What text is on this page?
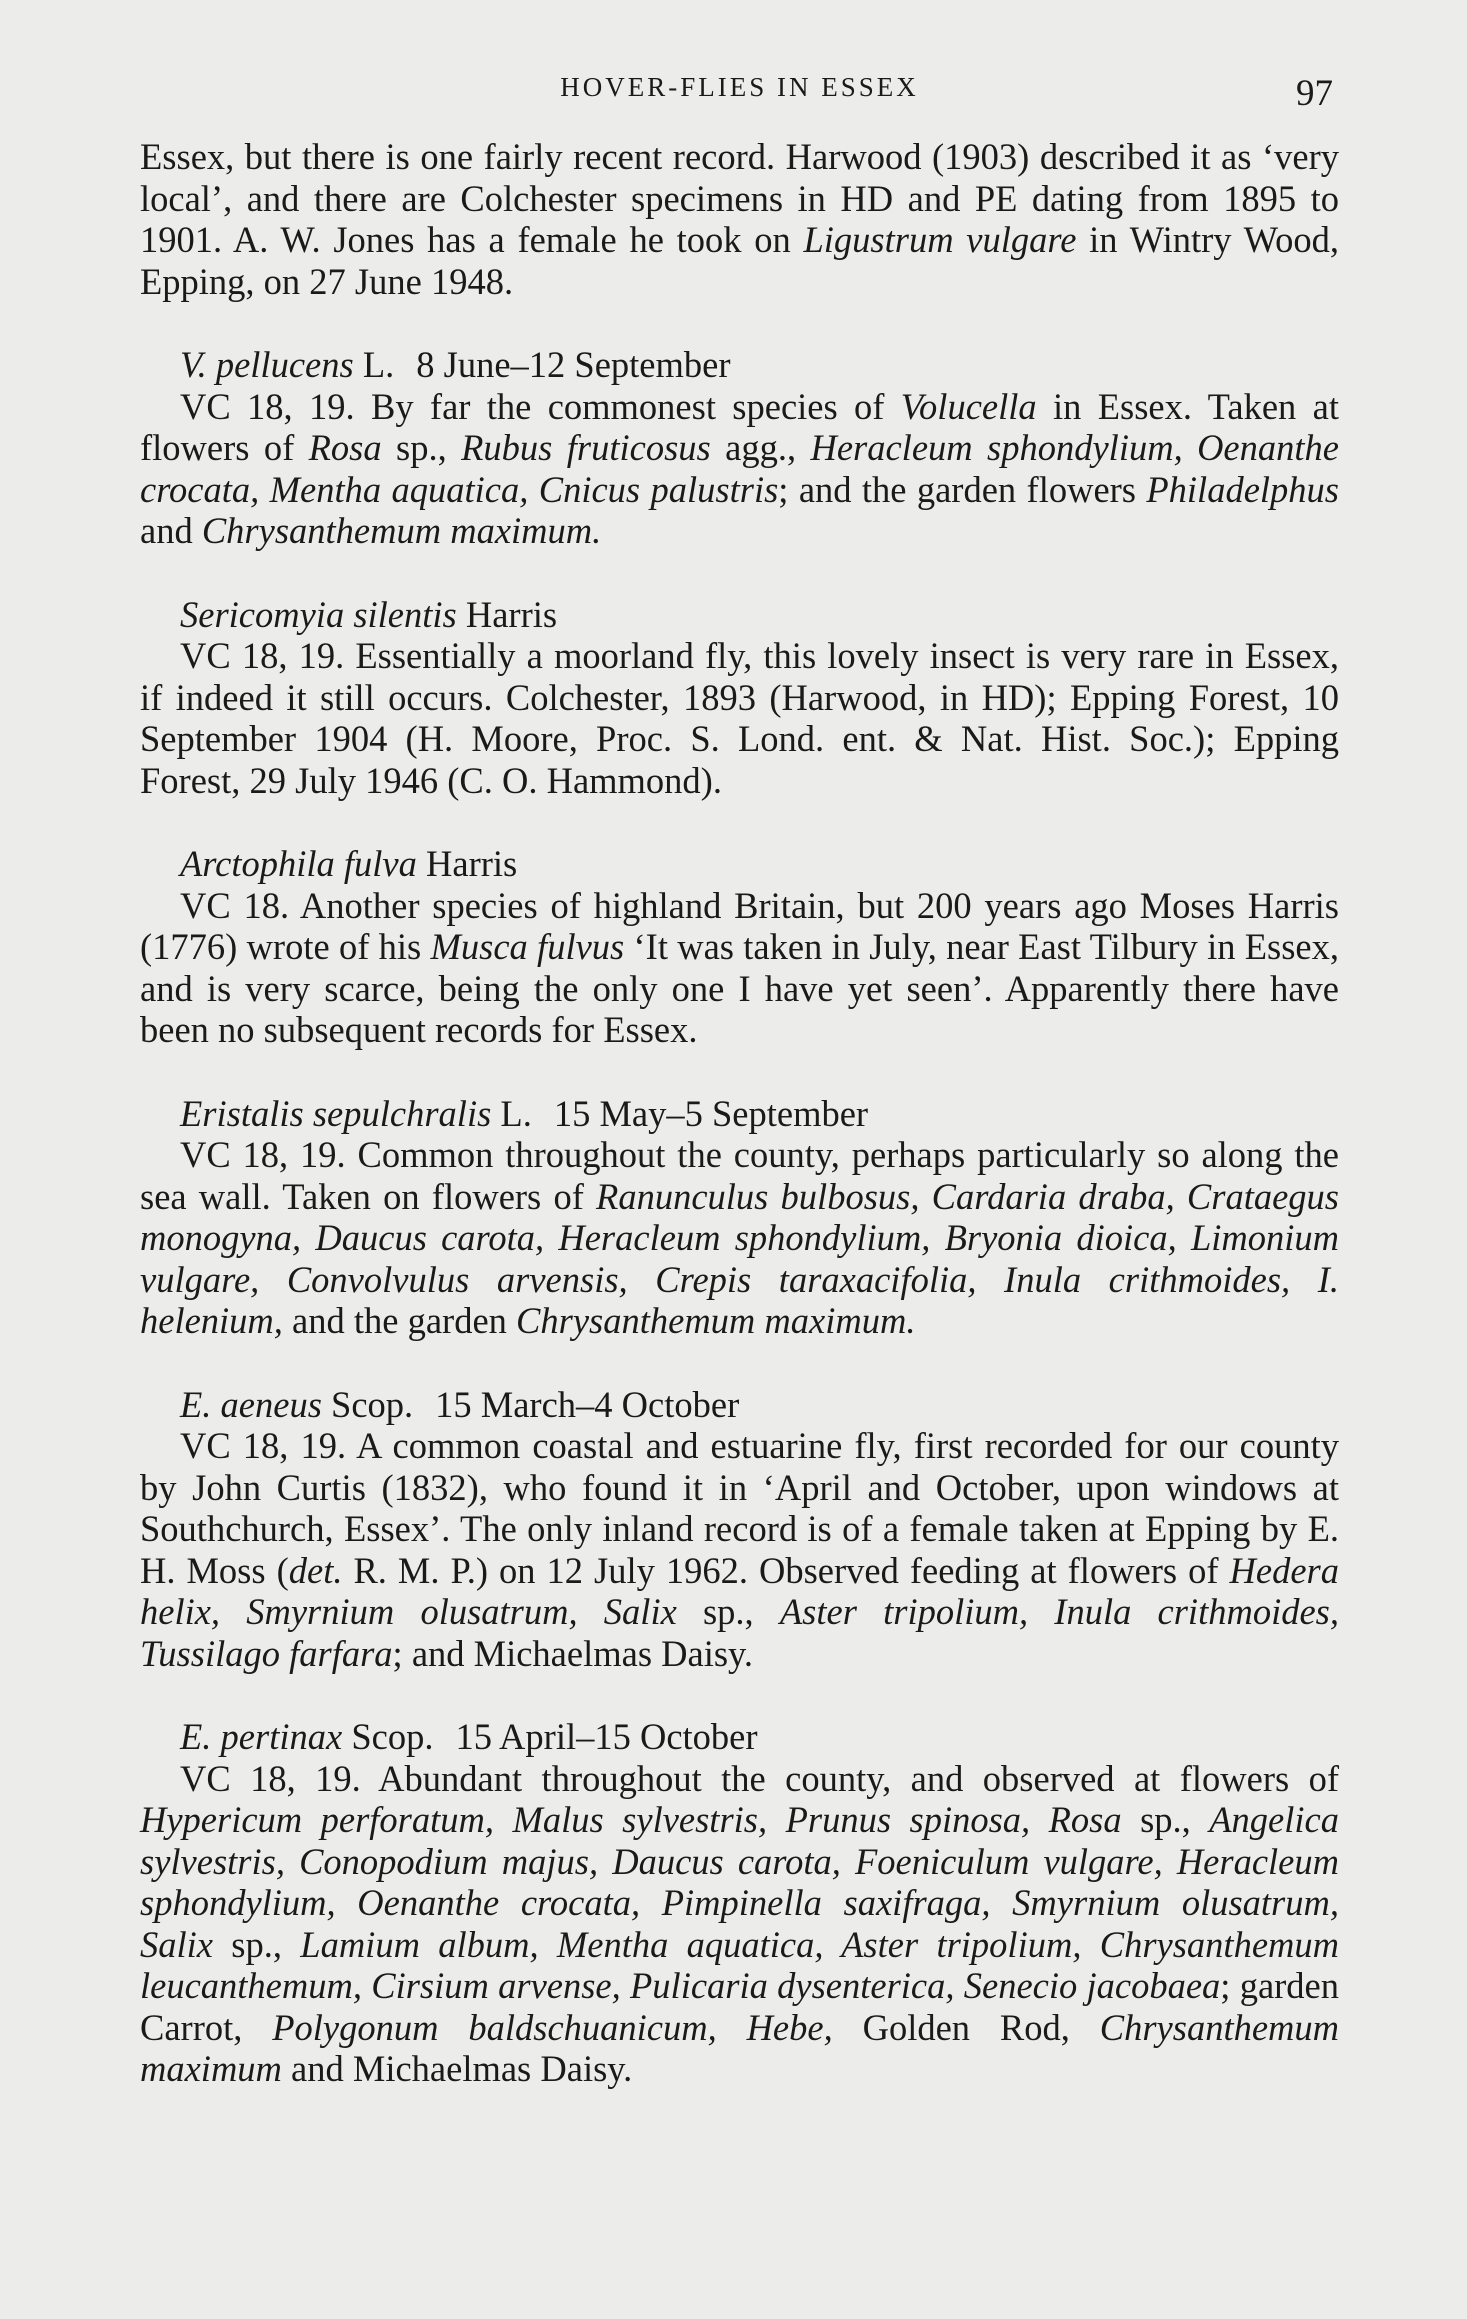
HOVER-FLIES IN ESSEX	97

Essex, but there is one fairly recent record. Harwood (1903) described it as ‘very local’, and there are Colchester specimens in HD and PE dating from 1895 to 1901. A. W. Jones has a female he took on Ligustrum vulgare in Wintry Wood, Epping, on 27 June 1948.

V. pellucens L. 8 June–12 September

VC 18, 19. By far the commonest species of Volucella in Essex. Taken at flowers of Rosa sp., Rubus fruticosus agg., Heracleum sphondylium, Oenanthe crocata, Mentha aquatica, Cnicus palustris; and the garden flowers Philadelphus and Chrysanthemum maximum.

Sericomyia silentis Harris

VC 18, 19. Essentially a moorland fly, this lovely insect is very rare in Essex, if indeed it still occurs. Colchester, 1893 (Harwood, in HD); Epping Forest, 10 September 1904 (H. Moore, Proc. S. Lond. ent. & Nat. Hist. Soc.); Epping Forest, 29 July 1946 (C. O. Hammond).

Arctophila fulva Harris

VC 18. Another species of highland Britain, but 200 years ago Moses Harris (1776) wrote of his Musca fulvus ‘It was taken in July, near East Tilbury in Essex, and is very scarce, being the only one I have yet seen’. Apparently there have been no subsequent records for Essex.

Eristalis sepulchralis L. 15 May–5 September

VC 18, 19. Common throughout the county, perhaps particularly so along the sea wall. Taken on flowers of Ranunculus bulbosus, Cardaria draba, Crataegus monogyna, Daucus carota, Heracleum sphondylium, Bryonia dioica, Limonium vulgare, Convolvulus arvensis, Crepis taraxacifolia, Inula crithmoides, I. helenium, and the garden Chrysanthemum maximum.

E. aeneus Scop. 15 March–4 October

VC 18, 19. A common coastal and estuarine fly, first recorded for our county by John Curtis (1832), who found it in ‘April and October, upon windows at Southchurch, Essex’. The only inland record is of a female taken at Epping by E. H. Moss (det. R. M. P.) on 12 July 1962. Observed feeding at flowers of Hedera helix, Smyrnium olusatrum, Salix sp., Aster tripolium, Inula crithmoides, Tussilago farfara; and Michaelmas Daisy.

E. pertinax Scop. 15 April–15 October

VC 18, 19. Abundant throughout the county, and observed at flowers of Hypericum perforatum, Malus sylvestris, Prunus spinosa, Rosa sp., Angelica sylvestris, Conopodium majus, Daucus carota, Foeniculum vulgare, Heracleum sphondylium, Oenanthe crocata, Pimpinella saxifraga, Smyrnium olusatrum, Salix sp., Lamium album, Mentha aquatica, Aster tripolium, Chrysanthemum leucanthemum, Cirsium arvense, Pulicaria dysenterica, Senecio jacobaea; garden Carrot, Polygonum baldschuanicum, Hebe, Golden Rod, Chrysanthemum maximum and Michaelmas Daisy.
